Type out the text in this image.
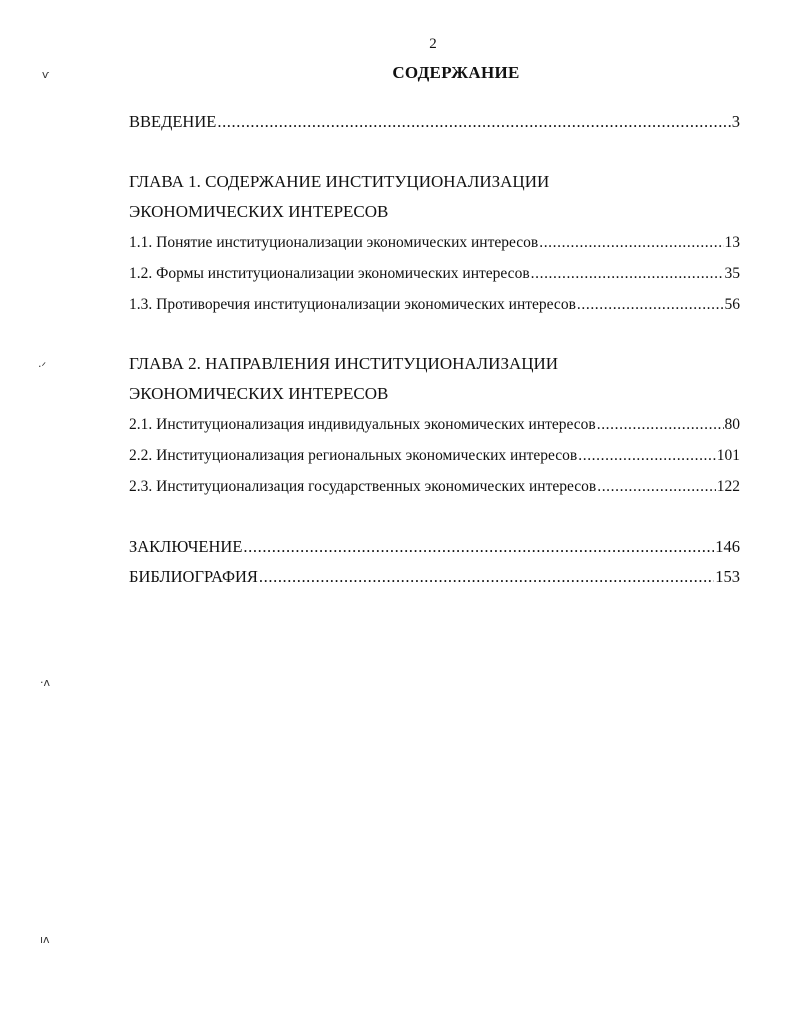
2
СОДЕРЖАНИЕ
ѵ
·ᐟ
·ᴧ
ıᴧ
ВВЕДЕНИЕ .....	3
ГЛАВА 1. СОДЕРЖАНИЕ ИНСТИТУЦИОНАЛИЗАЦИИ
ЭКОНОМИЧЕСКИХ ИНТЕРЕСОВ
1.1. Понятие институционализации экономических интересов .....	13
1.2. Формы институционализации экономических интересов .....	35
1.3. Противоречия институционализации экономических интересов .....	56
ГЛАВА 2. НАПРАВЛЕНИЯ ИНСТИТУЦИОНАЛИЗАЦИИ
ЭКОНОМИЧЕСКИХ ИНТЕРЕСОВ
2.1. Институционализация индивидуальных экономических интересов .....	80
2.2. Институционализация региональных экономических интересов .....	101
2.3. Институционализация государственных экономических интересов .....	122
ЗАКЛЮЧЕНИЕ .....	146
БИБЛИОГРАФИЯ .....	153
